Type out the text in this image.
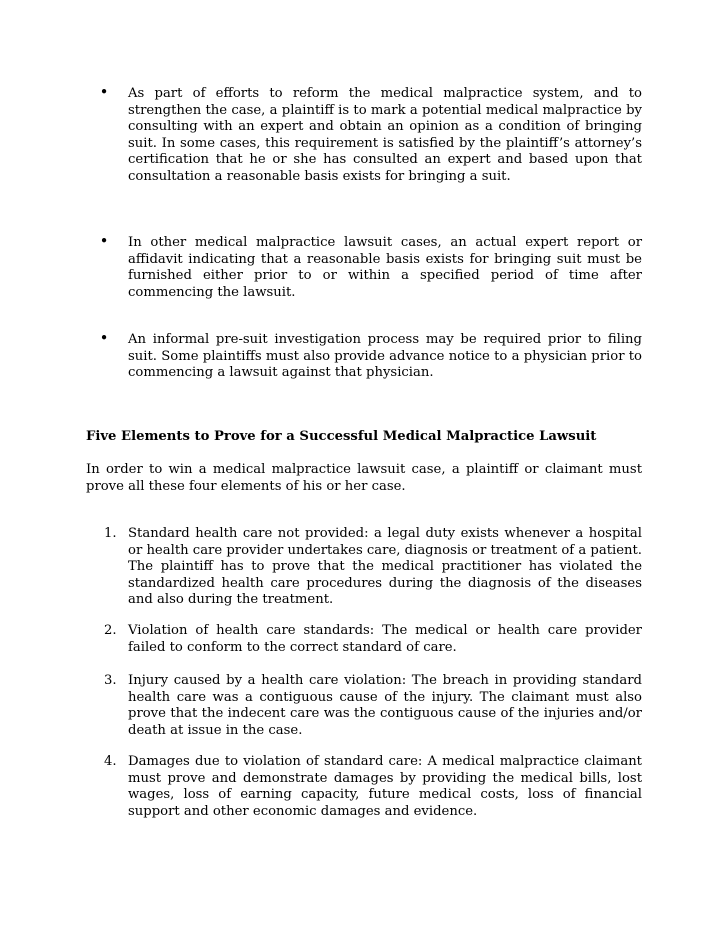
• As part of efforts to reform the medical malpractice system, and to strengthen the case, a plaintiff is to mark a potential medical malpractice by consulting with an expert and obtain an opinion as a condition of bringing suit. In some cases, this requirement is satisfied by the plaintiff’s attorney’s certification that he or she has consulted an expert and based upon that consultation a reasonable basis exists for bringing a suit.
• In other medical malpractice lawsuit cases, an actual expert report or affidavit indicating that a reasonable basis exists for bringing suit must be furnished either prior to or within a specified period of time after commencing the lawsuit.
• An informal pre-suit investigation process may be required prior to filing suit. Some plaintiffs must also provide advance notice to a physician prior to commencing a lawsuit against that physician.
Five Elements to Prove for a Successful Medical Malpractice Lawsuit
In order to win a medical malpractice lawsuit case, a plaintiff or claimant must prove all these four elements of his or her case.
1. Standard health care not provided: a legal duty exists whenever a hospital or health care provider undertakes care, diagnosis or treatment of a patient. The plaintiff has to prove that the medical practitioner has violated the standardized health care procedures during the diagnosis of the diseases and also during the treatment.
2. Violation of health care standards: The medical or health care provider failed to conform to the correct standard of care.
3. Injury caused by a health care violation: The breach in providing standard health care was a contiguous cause of the injury. The claimant must also prove that the indecent care was the contiguous cause of the injuries and/or death at issue in the case.
4. Damages due to violation of standard care: A medical malpractice claimant must prove and demonstrate damages by providing the medical bills, lost wages, loss of earning capacity, future medical costs, loss of financial support and other economic damages and evidence.
